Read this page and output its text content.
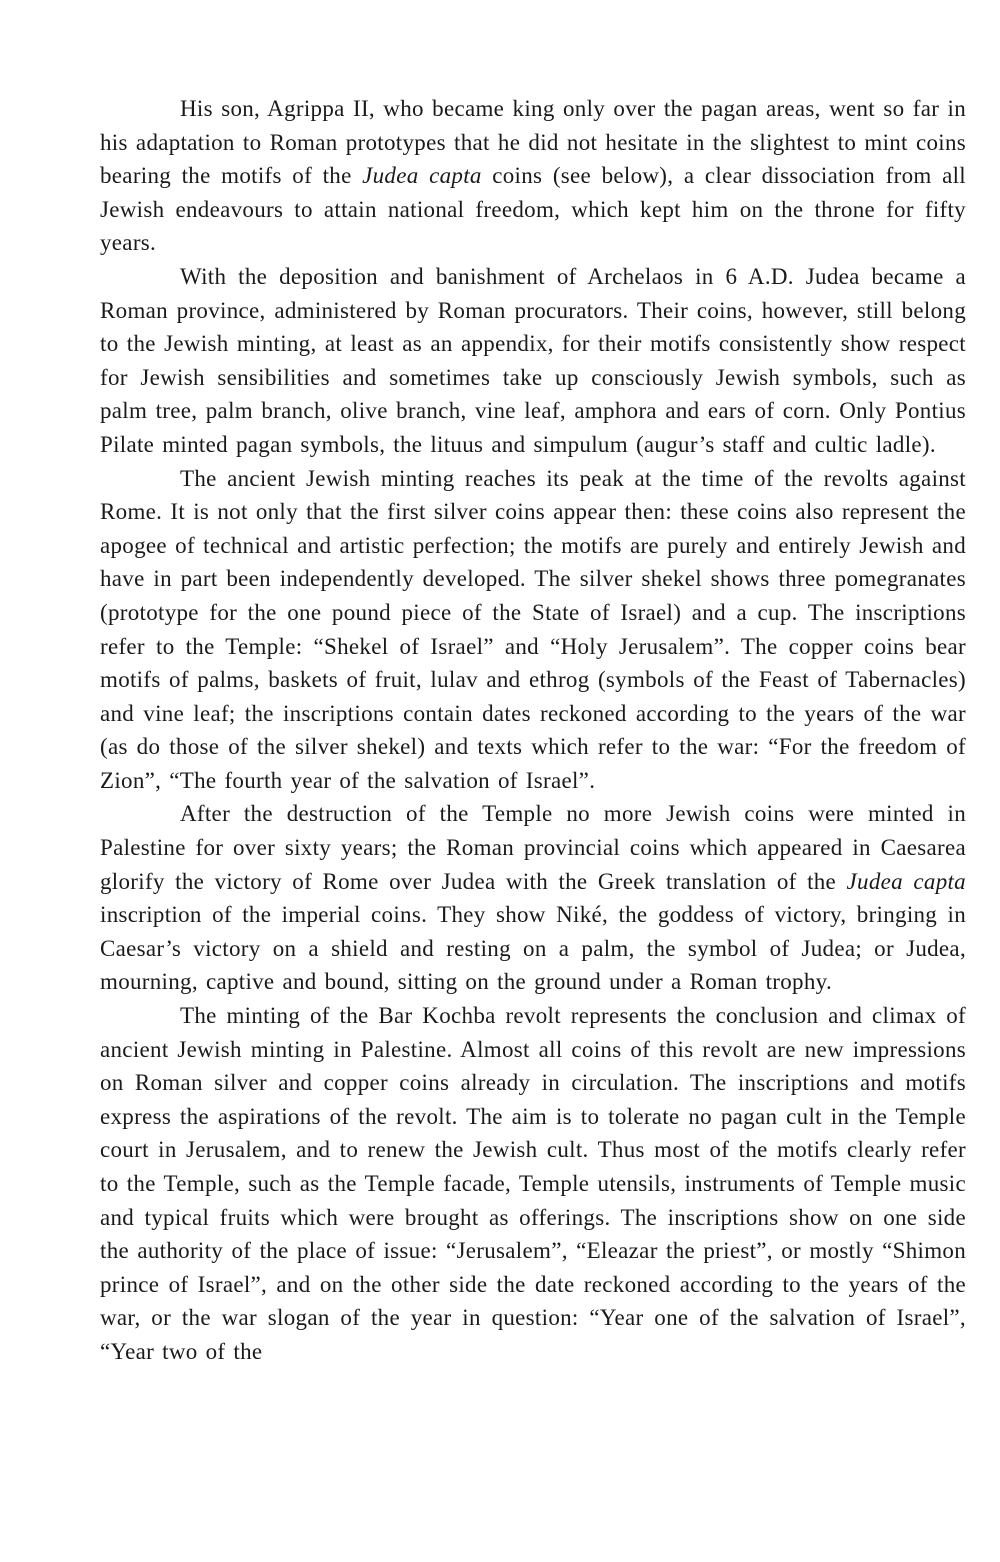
His son, Agrippa II, who became king only over the pagan areas, went so far in his adaptation to Roman prototypes that he did not hesitate in the slightest to mint coins bearing the motifs of the Judea capta coins (see below), a clear dissociation from all Jewish endeavours to attain national freedom, which kept him on the throne for fifty years.

With the deposition and banishment of Archelaos in 6 A.D. Judea became a Roman province, administered by Roman procurators. Their coins, however, still belong to the Jewish minting, at least as an appendix, for their motifs consistently show respect for Jewish sensibilities and sometimes take up consciously Jewish symbols, such as palm tree, palm branch, olive branch, vine leaf, amphora and ears of corn. Only Pontius Pilate minted pagan symbols, the lituus and simpulum (augur’s staff and cultic ladle).

The ancient Jewish minting reaches its peak at the time of the revolts against Rome. It is not only that the first silver coins appear then: these coins also represent the apogee of technical and artistic perfection; the motifs are purely and entirely Jewish and have in part been independently developed. The silver shekel shows three pomegranates (prototype for the one pound piece of the State of Israel) and a cup. The inscriptions refer to the Temple: “Shekel of Israel” and “Holy Jerusalem”. The copper coins bear motifs of palms, baskets of fruit, lulav and ethrog (symbols of the Feast of Tabernacles) and vine leaf; the inscriptions contain dates reckoned according to the years of the war (as do those of the silver shekel) and texts which refer to the war: “For the freedom of Zion”, “The fourth year of the salvation of Israel”.

After the destruction of the Temple no more Jewish coins were minted in Palestine for over sixty years; the Roman provincial coins which appeared in Caesarea glorify the victory of Rome over Judea with the Greek translation of the Judea capta inscription of the imperial coins. They show Niké, the goddess of victory, bringing in Caesar’s victory on a shield and resting on a palm, the symbol of Judea; or Judea, mourning, captive and bound, sitting on the ground under a Roman trophy.

The minting of the Bar Kochba revolt represents the conclusion and climax of ancient Jewish minting in Palestine. Almost all coins of this revolt are new impressions on Roman silver and copper coins already in circulation. The inscriptions and motifs express the aspirations of the revolt. The aim is to tolerate no pagan cult in the Temple court in Jerusalem, and to renew the Jewish cult. Thus most of the motifs clearly refer to the Temple, such as the Temple facade, Temple utensils, instruments of Temple music and typical fruits which were brought as offerings. The inscriptions show on one side the authority of the place of issue: “Jerusalem”, “Eleazar the priest”, or mostly “Shimon prince of Israel”, and on the other side the date reckoned according to the years of the war, or the war slogan of the year in question: “Year one of the salvation of Israel”, “Year two of the
